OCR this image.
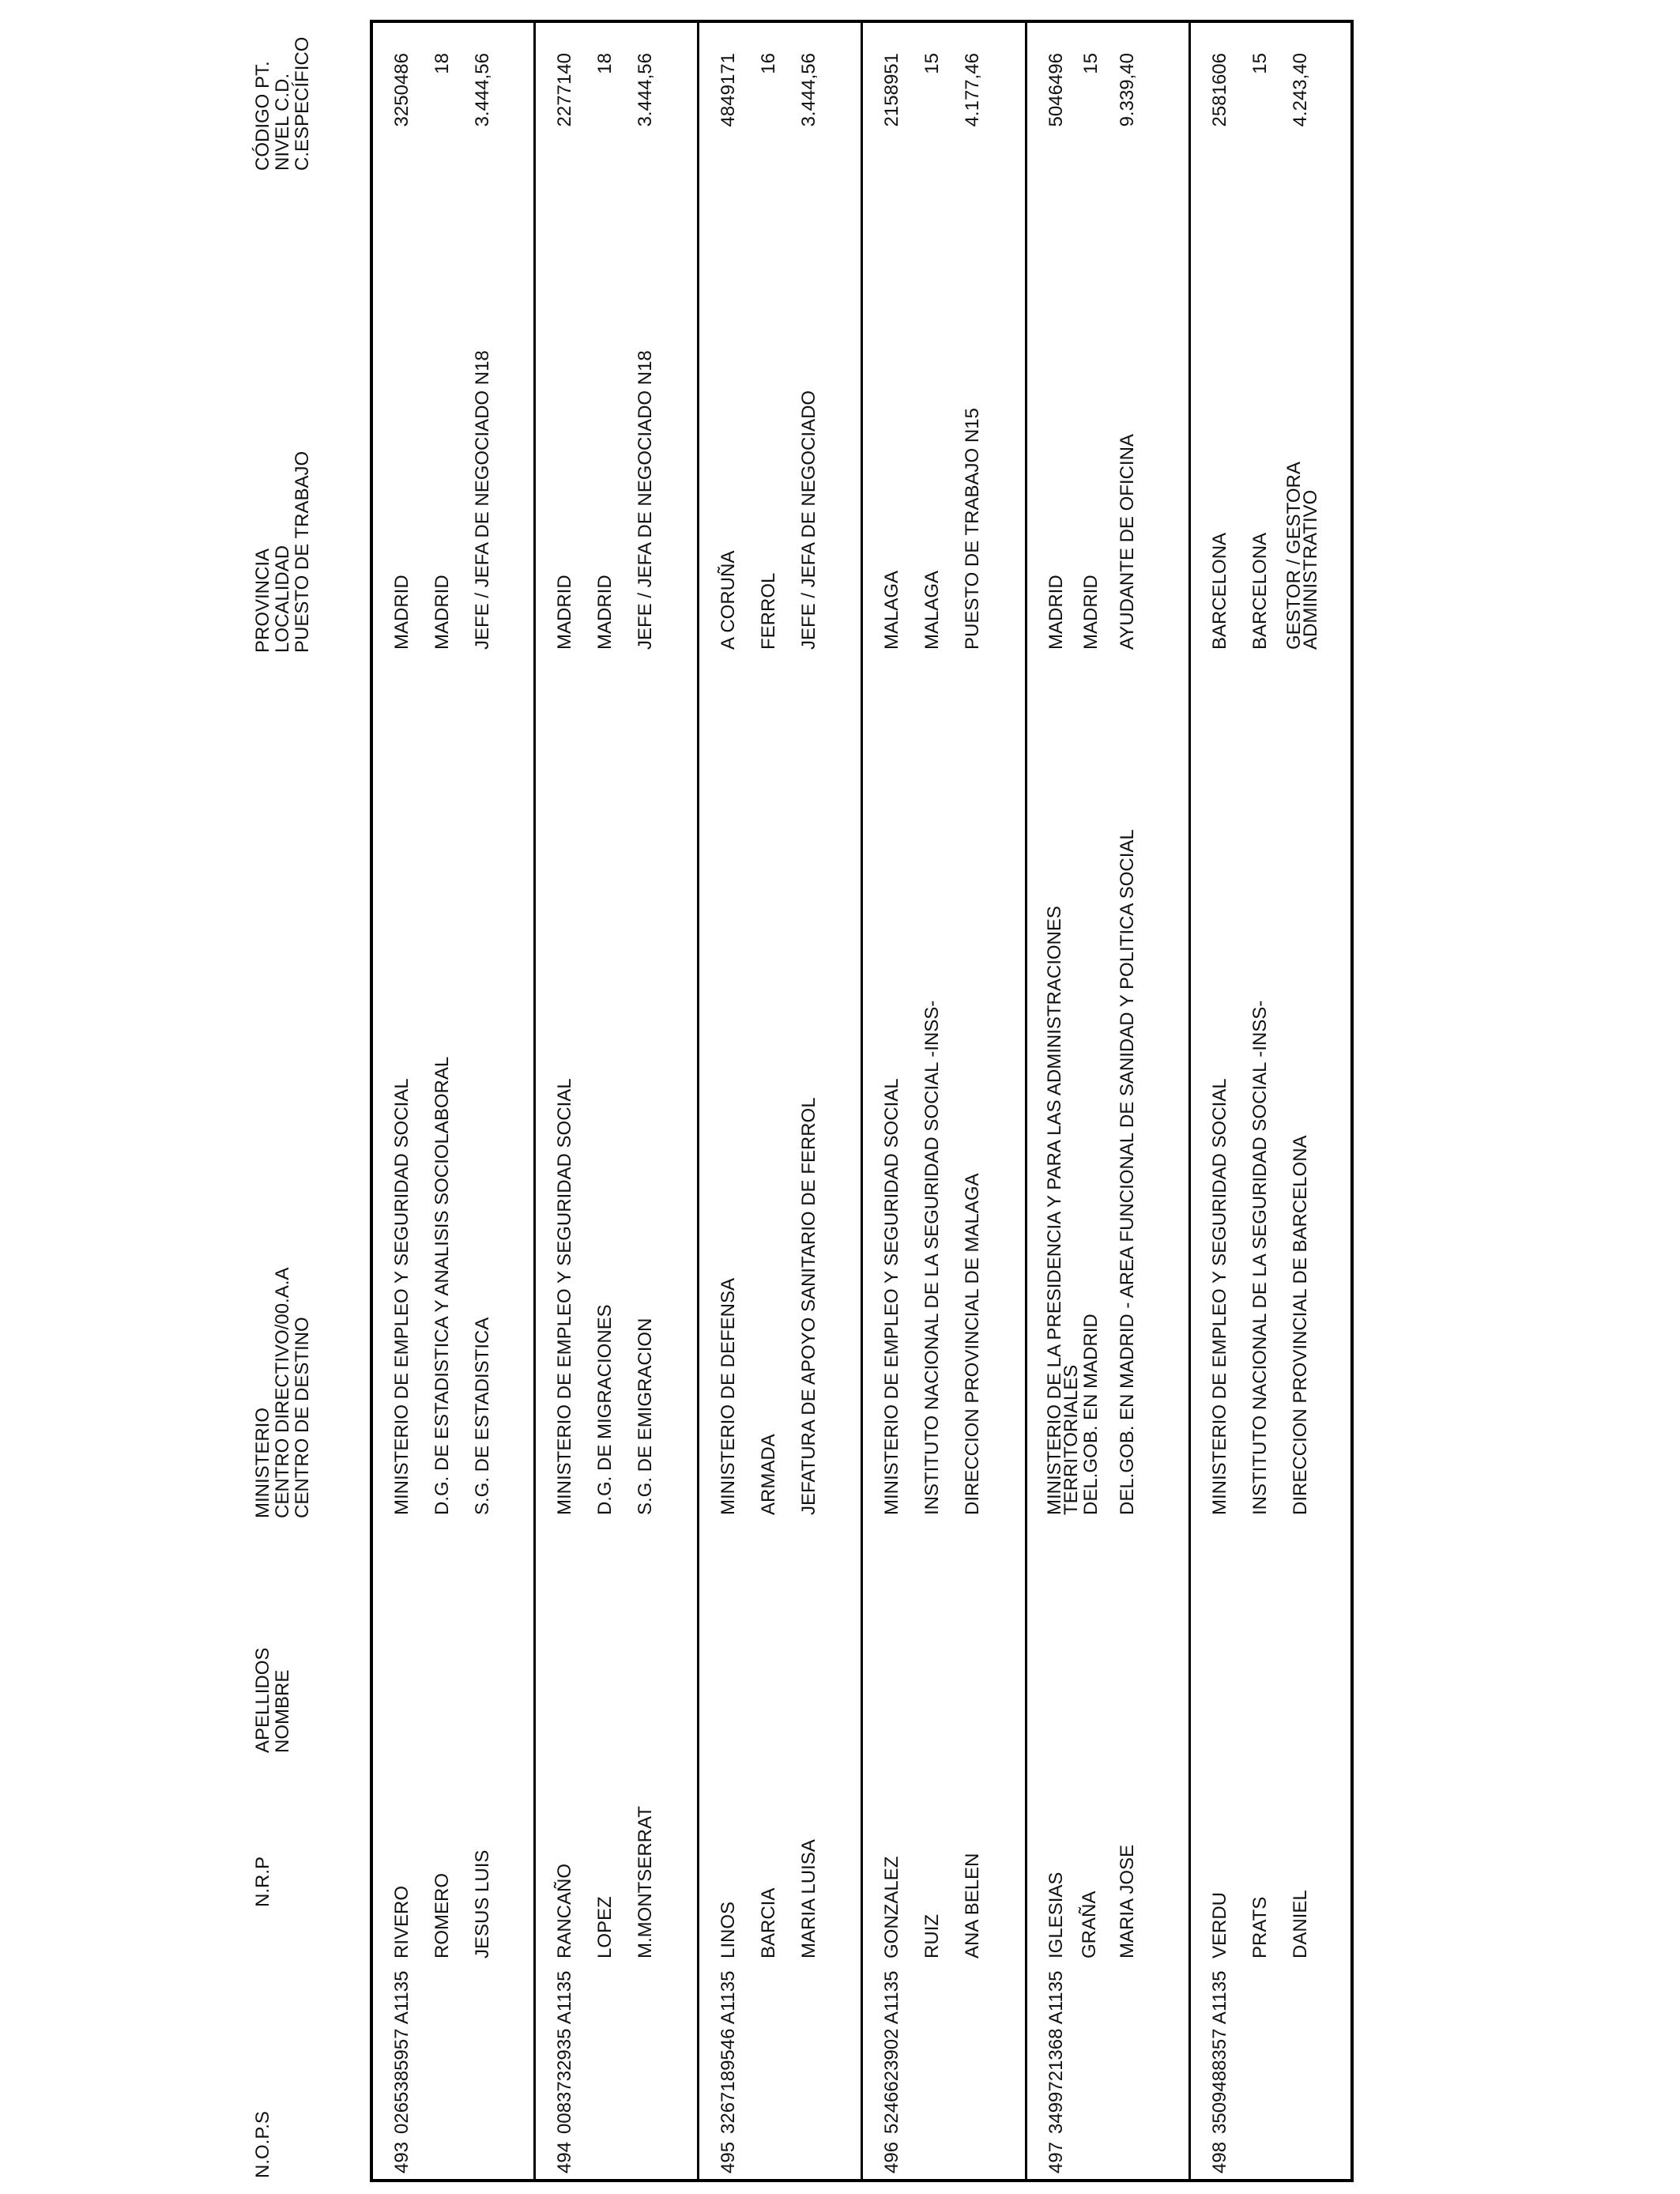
N.O.P.S
N.R.P
APELLIDOS
NOMBRE
MINISTERIO
CENTRO DIRECTIVO/00.A.A
CENTRO DE DESTINO
PROVINCIA
LOCALIDAD
PUESTO DE TRABAJO
CÓDIGO PT.
NIVEL C.D.
C.ESPECÍFICO
493
0265385957 A1135
RIVERO ROMERO JESUS LUIS
MINISTERIO DE EMPLEO Y SEGURIDAD SOCIAL D.G. DE ESTADISTICA Y ANALISIS SOCIOLABORAL S.G. DE ESTADISTICA
MADRID MADRID JEFE / JEFA DE NEGOCIADO N18
3250486 18 3.444,56
494
0083732935 A1135
RANCAÑO LOPEZ M.MONTSERRAT
MINISTERIO DE EMPLEO Y SEGURIDAD SOCIAL D.G. DE MIGRACIONES S.G. DE EMIGRACION
MADRID MADRID JEFE / JEFA DE NEGOCIADO N18
2277140 18 3.444,56
495
3267189546 A1135
LINOS BARCIA MARIA LUISA
MINISTERIO DE DEFENSA ARMADA JEFATURA DE APOYO SANITARIO DE FERROL
A CORUÑA FERROL JEFE / JEFA DE NEGOCIADO
4849171 16 3.444,56
496
5246623902 A1135
GONZALEZ RUIZ ANA BELEN
MINISTERIO DE EMPLEO Y SEGURIDAD SOCIAL INSTITUTO NACIONAL DE LA SEGURIDAD SOCIAL -INSS- DIRECCION PROVINCIAL DE MALAGA
MALAGA MALAGA PUESTO DE TRABAJO N15
2158951 15 4.177,46
497
3499721368 A1135
IGLESIAS GRAÑA MARIA JOSE
MINISTERIO DE LA PRESIDENCIA Y PARA LAS ADMINISTRACIONES
TERRITORIALES
DEL.GOB. EN MADRID DEL.GOB. EN MADRID - AREA FUNCIONAL DE SANIDAD Y POLITICA SOCIAL
MADRID MADRID AYUDANTE DE OFICINA
5046496 15 9.339,40
498
3509488357 A1135
VERDU PRATS DANIEL
MINISTERIO DE EMPLEO Y SEGURIDAD SOCIAL INSTITUTO NACIONAL DE LA SEGURIDAD SOCIAL -INSS- DIRECCION PROVINCIAL DE BARCELONA
BARCELONA BARCELONA GESTOR / GESTORA
ADMINISTRATIVO
2581606 15 4.243,40
